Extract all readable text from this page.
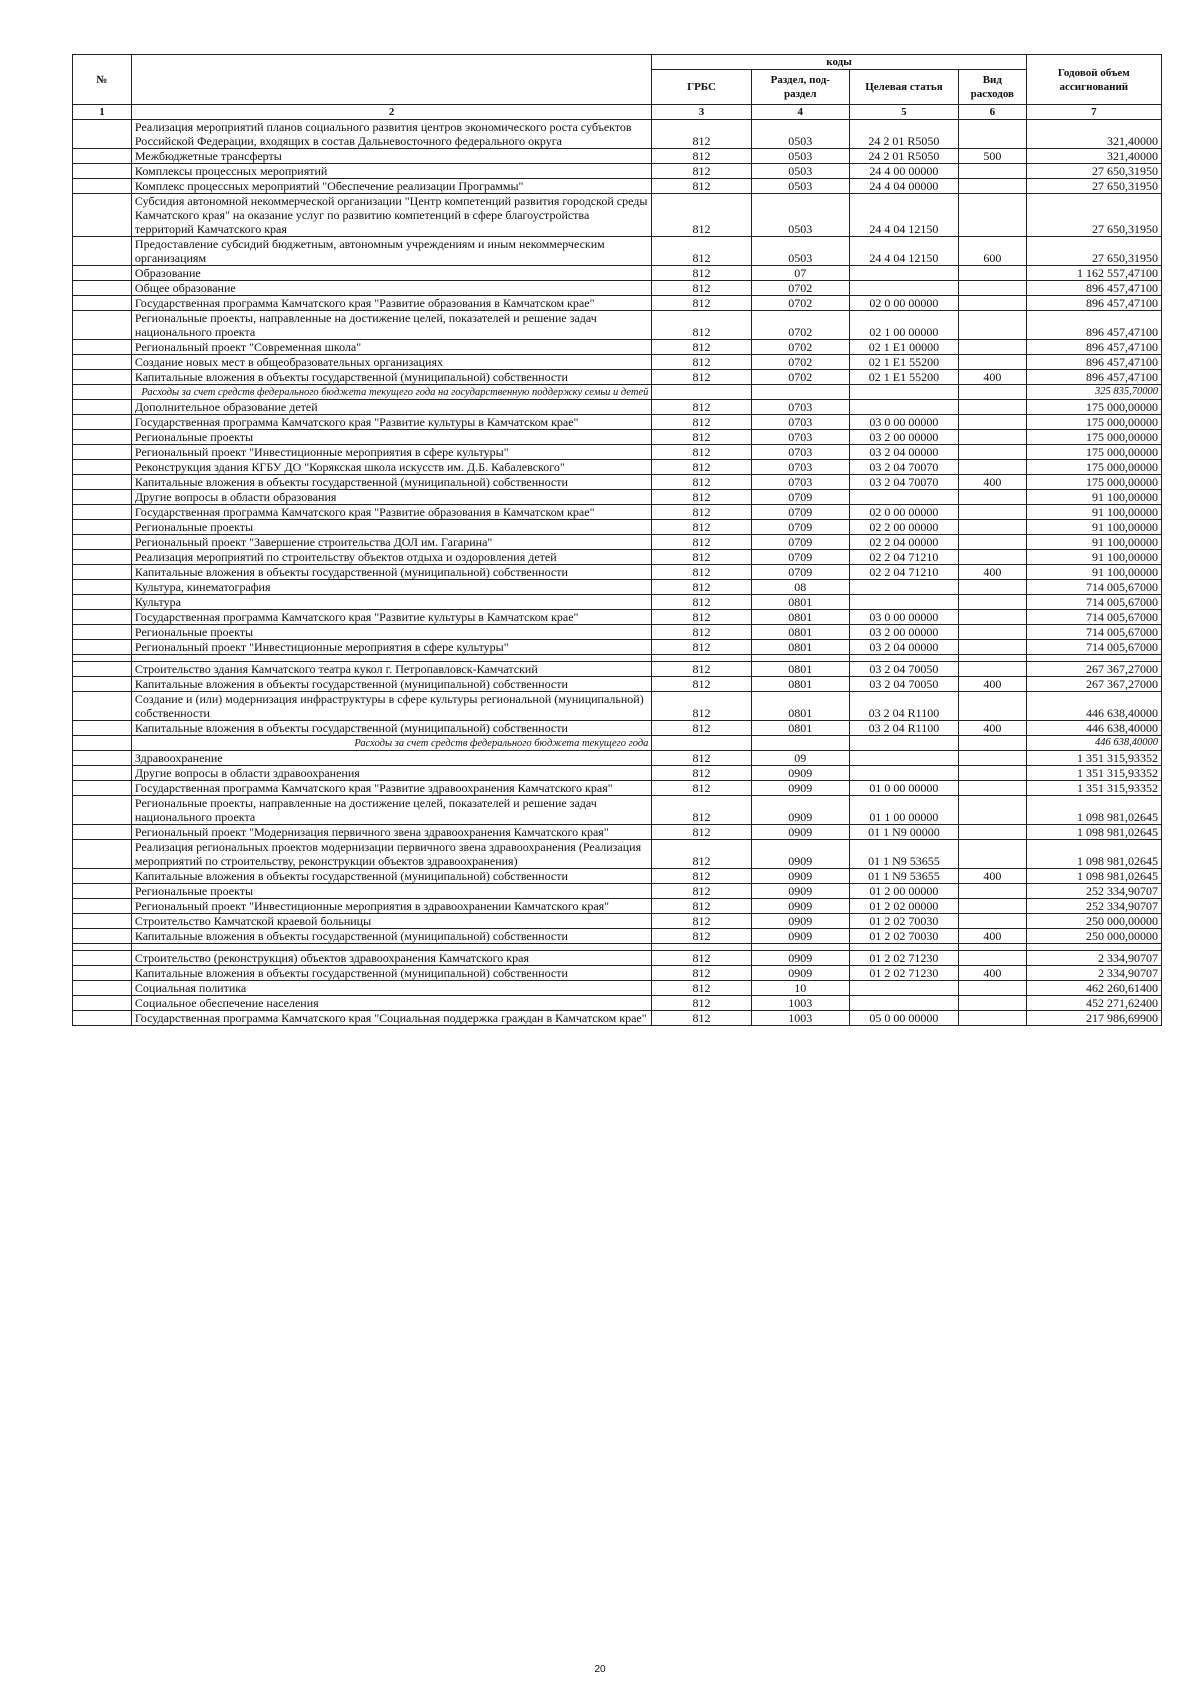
№		коды				Годовой объем ассигнований
		ГРБС	Раздел, под-раздел	Целевая статья	Вид расходов	
1	2	3	4	5	6	7
	Реализация мероприятий планов социального развития центров экономического роста субъектов Российской Федерации, входящих в состав Дальневосточного федерального округа	812	0503	24 2 01 R5050		321,40000
	Межбюджетные трансферты	812	0503	24 2 01 R5050	500	321,40000
	Комплексы процессных мероприятий	812	0503	24 4 00 00000		27 650,31950
	Комплекс процессных мероприятий "Обеспечение реализации Программы"	812	0503	24 4 04 00000		27 650,31950
	Субсидия автономной некоммерческой организации "Центр компетенций развития городской среды Камчатского края" на оказание услуг по развитию компетенций в сфере благоустройства территорий Камчатского края	812	0503	24 4 04 12150		27 650,31950
	Предоставление субсидий бюджетным, автономным учреждениям и иным некоммерческим организациям	812	0503	24 4 04 12150	600	27 650,31950
	Образование	812	07			1 162 557,47100
	Общее образование	812	0702			896 457,47100
	Государственная программа Камчатского края "Развитие образования в Камчатском крае"	812	0702	02 0 00 00000		896 457,47100
	Региональные проекты, направленные на достижение целей, показателей и решение задач национального проекта	812	0702	02 1 00 00000		896 457,47100
	Региональный проект "Современная школа"	812	0702	02 1 E1 00000		896 457,47100
	Создание новых мест в общеобразовательных организациях	812	0702	02 1 E1 55200		896 457,47100
	Капитальные вложения в объекты государственной (муниципальной) собственности	812	0702	02 1 E1 55200	400	896 457,47100
	Расходы за счет средств федерального бюджета текущего года на государственную поддержку семьи и детей					325 835,70000
	Дополнительное образование детей	812	0703			175 000,00000
	Государственная программа Камчатского края "Развитие культуры в Камчатском крае"	812	0703	03 0 00 00000		175 000,00000
	Региональные проекты	812	0703	03 2 00 00000		175 000,00000
	Региональный проект "Инвестиционные мероприятия в сфере культуры"	812	0703	03 2 04 00000		175 000,00000
	Реконструкция здания КГБУ ДО "Корякская школа искусств им. Д.Б. Кабалевского"	812	0703	03 2 04 70070		175 000,00000
	Капитальные вложения в объекты государственной (муниципальной) собственности	812	0703	03 2 04 70070	400	175 000,00000
	Другие вопросы в области образования	812	0709			91 100,00000
	Государственная программа Камчатского края "Развитие образования в Камчатском крае"	812	0709	02 0 00 00000		91 100,00000
	Региональные проекты	812	0709	02 2 00 00000		91 100,00000
	Региональный проект "Завершение строительства ДОЛ им. Гагарина"	812	0709	02 2 04 00000		91 100,00000
	Реализация мероприятий по строительству объектов отдыха и оздоровления детей	812	0709	02 2 04 71210		91 100,00000
	Капитальные вложения в объекты государственной (муниципальной) собственности	812	0709	02 2 04 71210	400	91 100,00000
	Культура, кинематография	812	08			714 005,67000
	Культура	812	0801			714 005,67000
	Государственная программа Камчатского края "Развитие культуры в Камчатском крае"	812	0801	03 0 00 00000		714 005,67000
	Региональные проекты	812	0801	03 2 00 00000		714 005,67000
	Региональный проект "Инвестиционные мероприятия в сфере культуры"	812	0801	03 2 04 00000		714 005,67000

	Строительство здания Камчатского театра кукол г. Петропавловск-Камчатский	812	0801	03 2 04 70050		267 367,27000
	Капитальные вложения в объекты государственной (муниципальной) собственности	812	0801	03 2 04 70050	400	267 367,27000
	Создание и (или) модернизация инфраструктуры в сфере культуры региональной (муниципальной) собственности	812	0801	03 2 04 R1100		446 638,40000
	Капитальные вложения в объекты государственной (муниципальной) собственности	812	0801	03 2 04 R1100	400	446 638,40000
	Расходы за счет средств федерального бюджета текущего года					446 638,40000
	Здравоохранение	812	09			1 351 315,93352
	Другие вопросы в области здравоохранения	812	0909			1 351 315,93352
	Государственная программа Камчатского края "Развитие здравоохранения Камчатского края"	812	0909	01 0 00 00000		1 351 315,93352
	Региональные проекты, направленные на достижение целей, показателей и решение задач национального проекта	812	0909	01 1 00 00000		1 098 981,02645
	Региональный проект "Модернизация первичного звена здравоохранения Камчатского края"	812	0909	01 1 N9 00000		1 098 981,02645
	Реализация региональных проектов модернизации первичного звена здравоохранения (Реализация мероприятий по строительству, реконструкции объектов здравоохранения)	812	0909	01 1 N9 53655		1 098 981,02645
	Капитальные вложения в объекты государственной (муниципальной) собственности	812	0909	01 1 N9 53655	400	1 098 981,02645
	Региональные проекты	812	0909	01 2 00 00000		252 334,90707
	Региональный проект "Инвестиционные мероприятия в здравоохранении Камчатского края"	812	0909	01 2 02 00000		252 334,90707
	Строительство Камчатской краевой больницы	812	0909	01 2 02 70030		250 000,00000
	Капитальные вложения в объекты государственной (муниципальной) собственности	812	0909	01 2 02 70030	400	250 000,00000

	Строительство (реконструкция) объектов здравоохранения Камчатского края	812	0909	01 2 02 71230		2 334,90707
	Капитальные вложения в объекты государственной (муниципальной) собственности	812	0909	01 2 02 71230	400	2 334,90707
	Социальная политика	812	10			462 260,61400
	Социальное обеспечение населения	812	1003			452 271,62400
	Государственная программа Камчатского края "Социальная поддержка граждан в Камчатском крае"	812	1003	05 0 00 00000		217 986,69900
20
